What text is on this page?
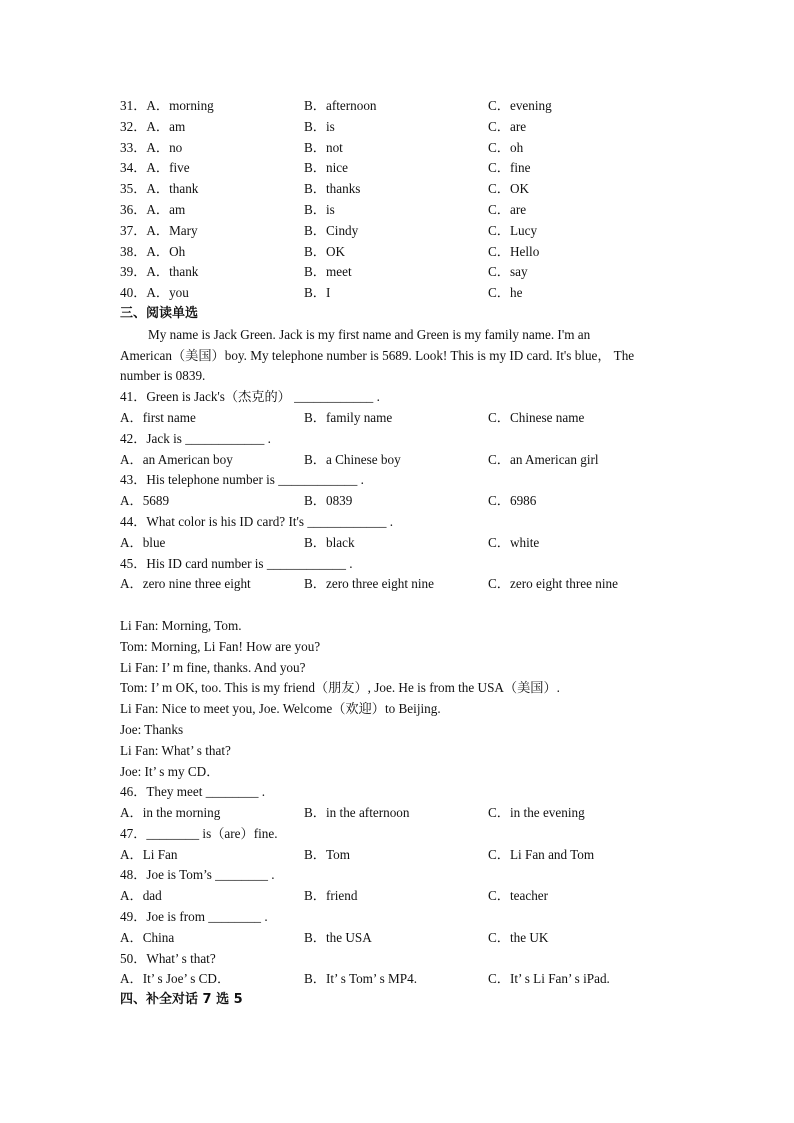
31．A．morning	B．afternoon	C．evening
32．A．am	B．is	C．are
33．A．no	B．not	C．oh
34．A．five	B．nice	C．fine
35．A．thank	B．thanks	C．OK
36．A．am	B．is	C．are
37．A．Mary	B．Cindy	C．Lucy
38．A．Oh	B．OK	C．Hello
39．A．thank	B．meet	C．say
40．A．you	B．I	C．he
三、阅读单选
My name is Jack Green. Jack is my first name and Green is my family name. I'm an
American（美国）boy. My telephone number is 5689. Look! This is my ID card. It's blue， The
number is 0839.
41．Green is Jack's（杰克的） ____________ .
A．first name	B．family name	C．Chinese name
42．Jack is ____________ .
A．an American boy	B．a Chinese boy	C．an American girl
43．His telephone number is ____________ .
A．5689	B．0839	C．6986
44．What color is his ID card? It's ____________ .
A．blue	B．black	C．white
45．His ID card number is ____________ .
A．zero nine three eight	B．zero three eight nine	C．zero eight three nine
Li Fan: Morning, Tom.
Tom: Morning, Li Fan! How are you?
Li Fan: I’ m fine, thanks. And you?
Tom: I’ m OK, too. This is my friend（朋友）, Joe. He is from the USA（美国）.
Li Fan: Nice to meet you, Joe. Welcome（欢迎）to Beijing.
Joe: Thanks
Li Fan: What’ s that?
Joe: It’ s my CD．
46．They meet ________ .
A．in the morning	B．in the afternoon	C．in the evening
47．________ is（are）fine.
A．Li Fan	B．Tom	C．Li Fan and Tom
48．Joe is Tom’s ________ .
A．dad	B．friend	C．teacher
49．Joe is from ________ .
A．China	B．the USA	C．the UK
50．What’ s that?
A．It’ s Joe’ s CD．	B．It’ s Tom’ s MP4.	C．It’ s Li Fan’ s iPad.
四、补全对话 7 选 5
